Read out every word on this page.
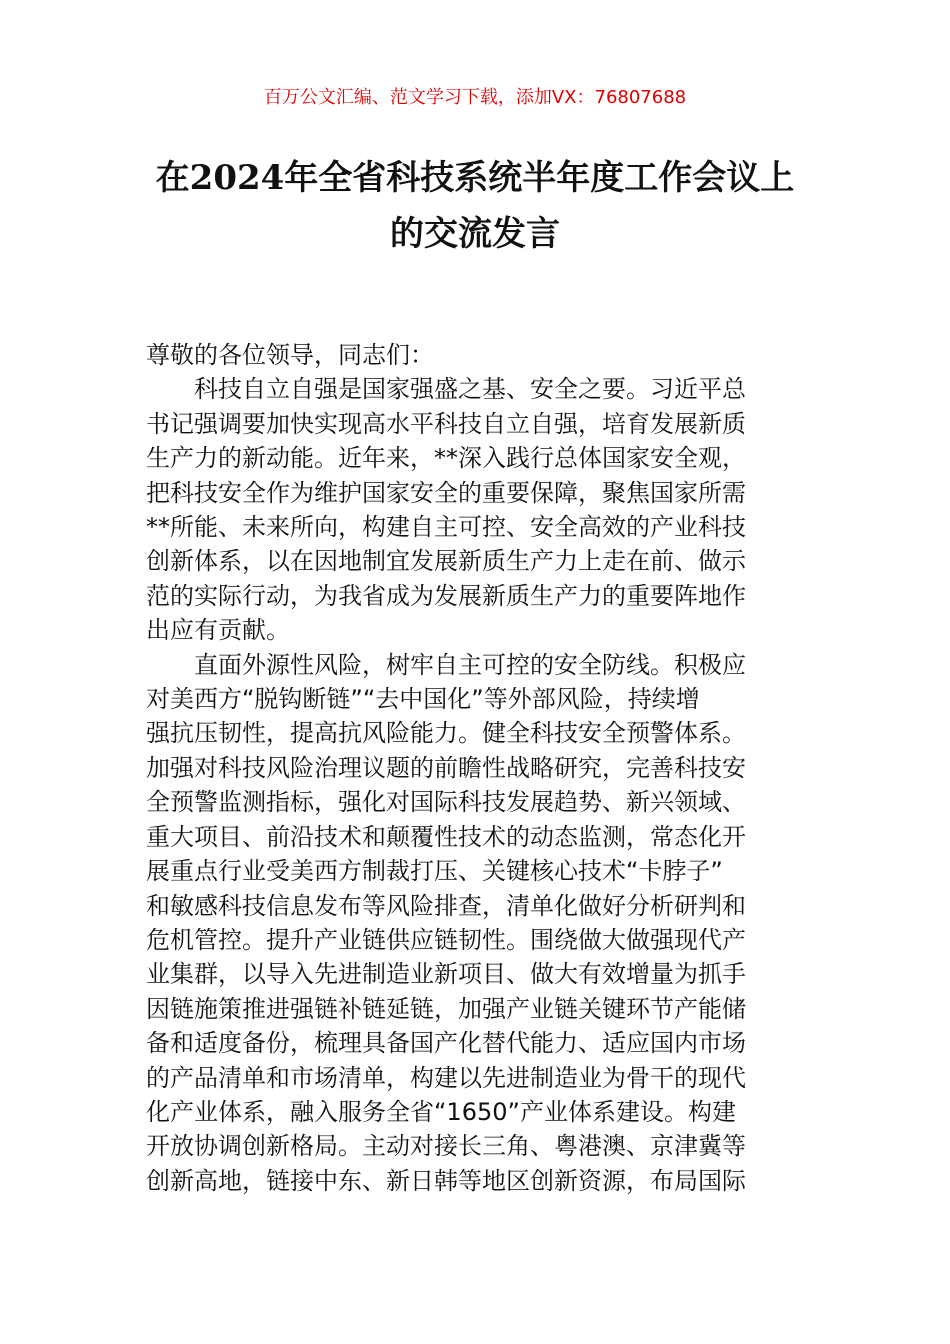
百万公文汇编、范文学习下载，添加VX：76807688
在2024年全省科技系统半年度工作会议上
的交流发言
尊敬的各位领导，同志们：
科技自立自强是国家强盛之基、安全之要。习近平总
书记强调要加快实现高水平科技自立自强，培育发展新质
生产力的新动能。近年来，**深入践行总体国家安全观，
把科技安全作为维护国家安全的重要保障，聚焦国家所需
**所能、未来所向，构建自主可控、安全高效的产业科技
创新体系，以在因地制宜发展新质生产力上走在前、做示
范的实际行动，为我省成为发展新质生产力的重要阵地作
出应有贡献。
直面外源性风险，树牢自主可控的安全防线。积极应
对美西方“脱钩断链”“去中国化”等外部风险，持续增
强抗压韧性，提高抗风险能力。健全科技安全预警体系。
加强对科技风险治理议题的前瞻性战略研究，完善科技安
全预警监测指标，强化对国际科技发展趋势、新兴领域、
重大项目、前沿技术和颠覆性技术的动态监测，常态化开
展重点行业受美西方制裁打压、关键核心技术“卡脖子”
和敏感科技信息发布等风险排查，清单化做好分析研判和
危机管控。提升产业链供应链韧性。围绕做大做强现代产
业集群，以导入先进制造业新项目、做大有效增量为抓手
因链施策推进强链补链延链，加强产业链关键环节产能储
备和适度备份，梳理具备国产化替代能力、适应国内市场
的产品清单和市场清单，构建以先进制造业为骨干的现代
化产业体系，融入服务全省“1650”产业体系建设。构建
开放协调创新格局。主动对接长三角、粤港澳、京津冀等
创新高地，链接中东、新日韩等地区创新资源，布局国际
